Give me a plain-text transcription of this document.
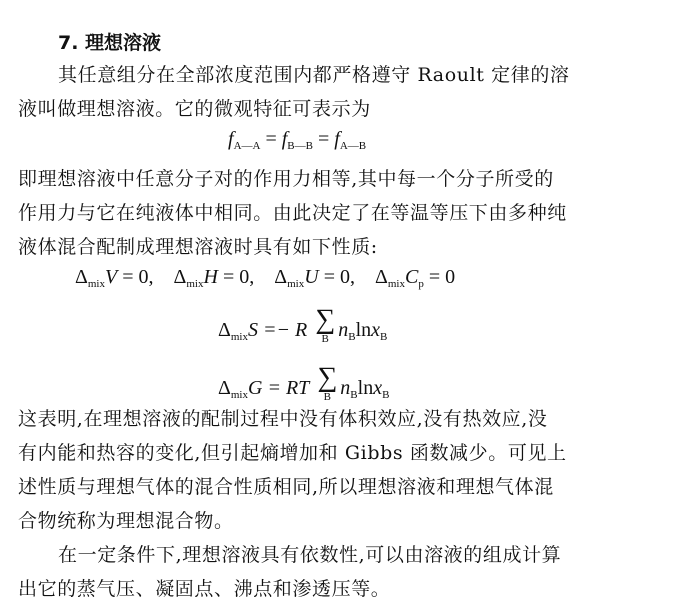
7. 理想溶液
其任意组分在全部浓度范围内都严格遵守 Raoult 定律的溶
液叫做理想溶液。它的微观特征可表示为
$f_{A—A} = f_{B—B} = f_{A—B}$
即理想溶液中任意分子对的作用力相等,其中每一个分子所受的
作用力与它在纯液体中相同。由此决定了在等温等压下由多种纯
液体混合配制成理想溶液时具有如下性质:
$\Delta_{mix}V = 0$, $\Delta_{mix}H = 0$, $\Delta_{mix}U = 0$, $\Delta_{mix}C_p = 0$
$\Delta_{mix}S =- R$ ∑
B $n_B\ln x_B$
$\Delta_{mix}G$ = RT ∑
B $n_B\ln x_B$
这表明,在理想溶液的配制过程中没有体积效应,没有热效应,没
有内能和热容的变化,但引起熵增加和 Gibbs 函数减少。可见上
述性质与理想气体的混合性质相同,所以理想溶液和理想气体混
合物统称为理想混合物。
在一定条件下,理想溶液具有依数性,可以由溶液的组成计算
出它的蒸气压、凝固点、沸点和渗透压等。
